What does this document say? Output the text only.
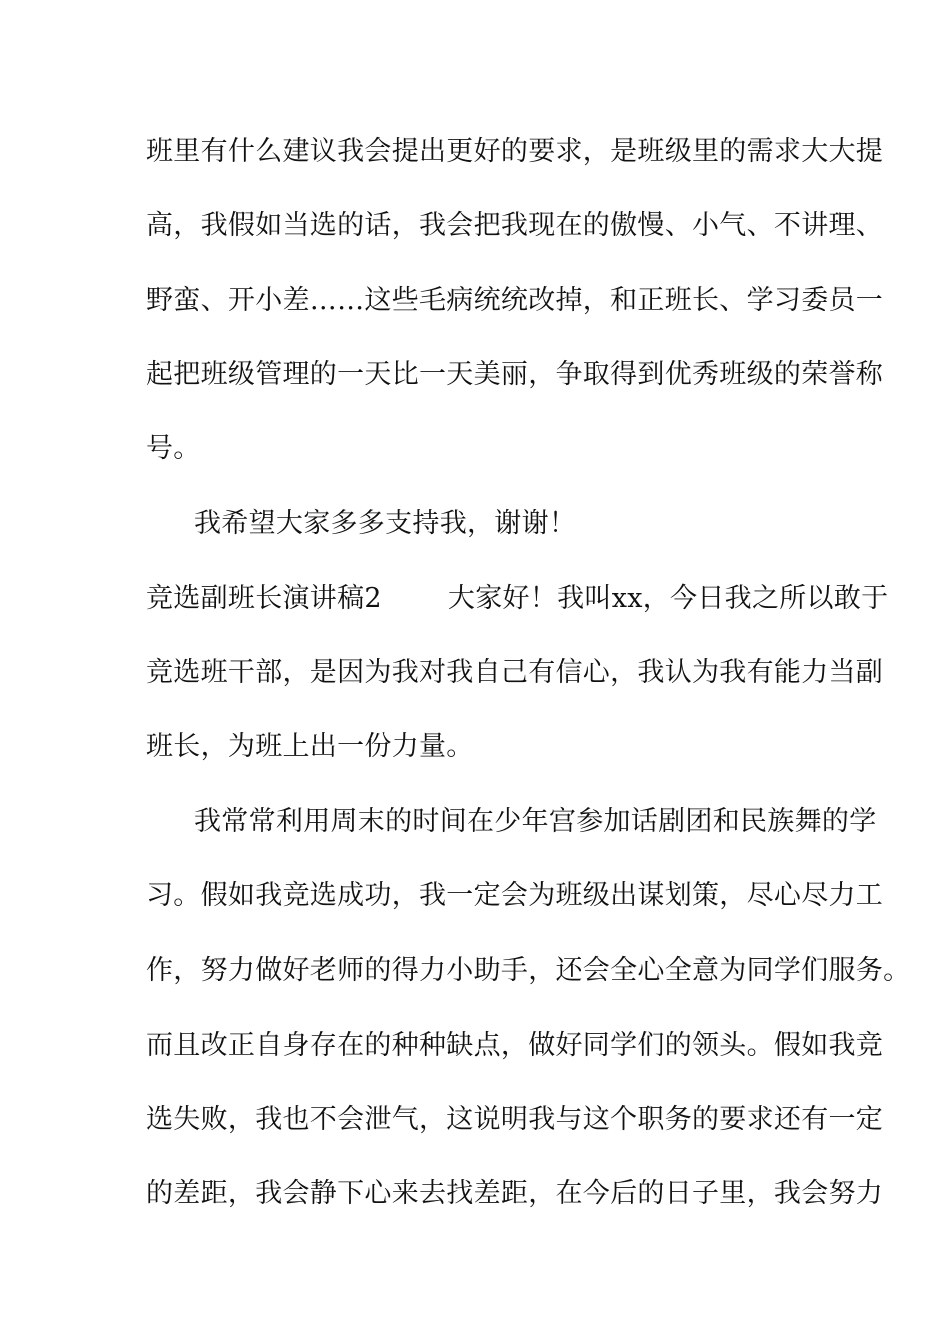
班里有什么建议我会提出更好的要求，是班级里的需求大大提
高，我假如当选的话，我会把我现在的傲慢、小气、不讲理、
野蛮、开小差……这些毛病统统改掉，和正班长、学习委员一
起把班级管理的一天比一天美丽，争取得到优秀班级的荣誉称
号。
我希望大家多多支持我，谢谢！
竞选副班长演讲稿2 大家好！我叫xx，今日我之所以敢于
竞选班干部，是因为我对我自己有信心，我认为我有能力当副
班长，为班上出一份力量。
我常常利用周末的时间在少年宫参加话剧团和民族舞的学
习。假如我竞选成功，我一定会为班级出谋划策，尽心尽力工
作，努力做好老师的得力小助手，还会全心全意为同学们服务。
而且改正自身存在的种种缺点，做好同学们的领头。假如我竞
选失败，我也不会泄气，这说明我与这个职务的要求还有一定
的差距，我会静下心来去找差距，在今后的日子里，我会努力
